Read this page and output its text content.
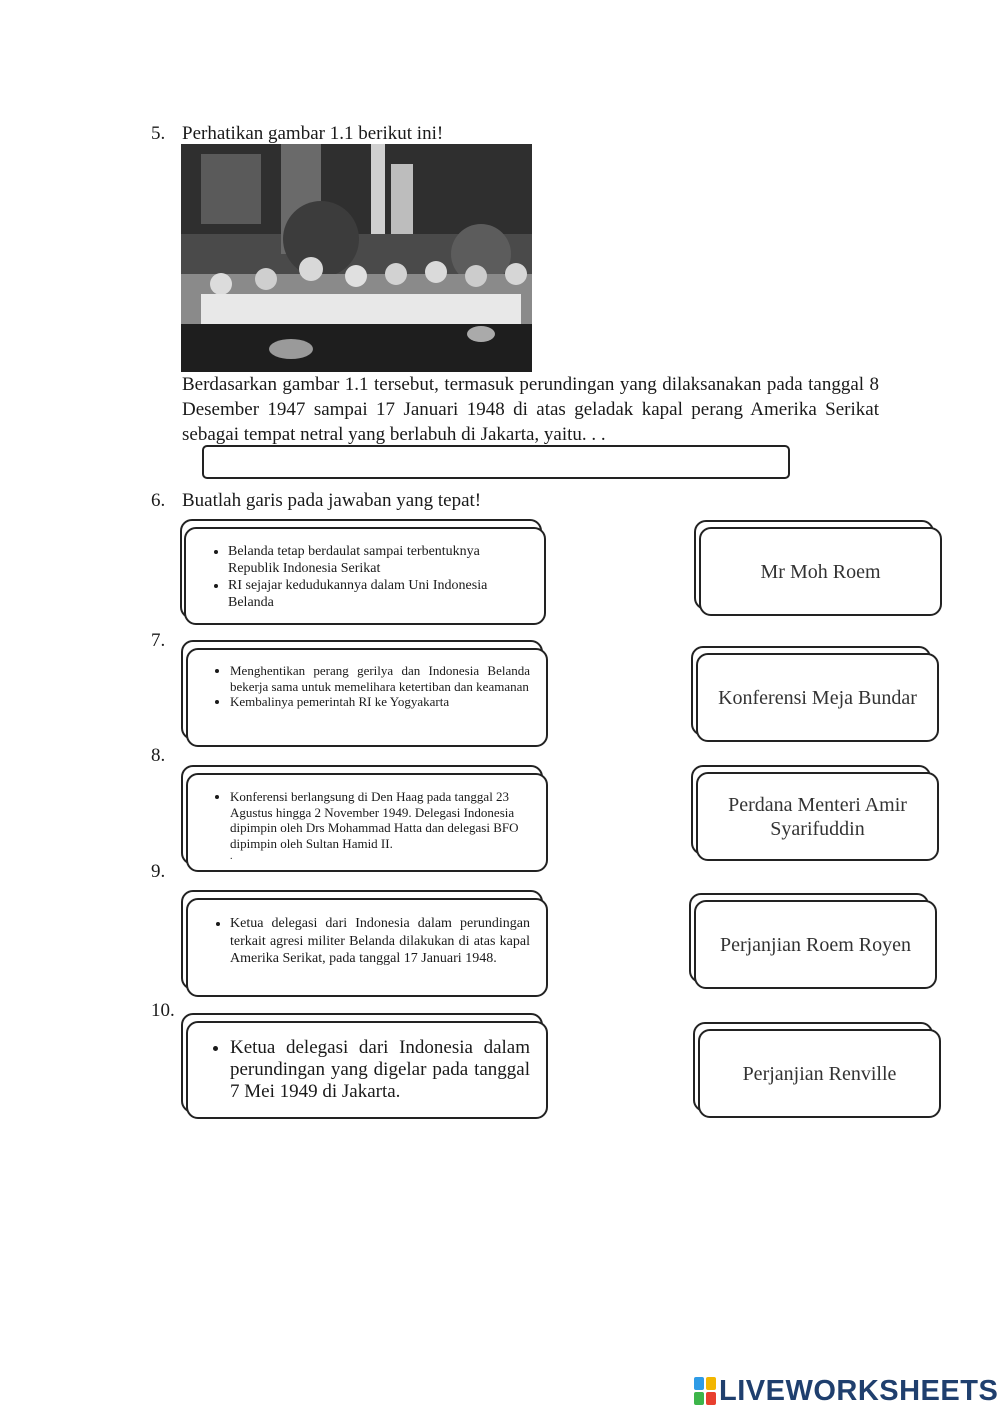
5. Perhatikan gambar 1.1 berikut ini!
Berdasarkan gambar 1.1 tersebut, termasuk perundingan yang dilaksanakan pada tanggal 8 Desember 1947 sampai 17 Januari 1948 di atas geladak kapal perang Amerika Serikat sebagai tempat netral yang berlabuh di Jakarta, yaitu. . .
6. Buatlah garis pada jawaban yang tepat!
7.
8.
9.
10.
• Belanda tetap berdaulat sampai terbentuknya Republik Indonesia Serikat
• RI sejajar kedudukannya dalam Uni Indonesia Belanda
• Menghentikan perang gerilya dan Indonesia Belanda bekerja sama untuk memelihara ketertiban dan keamanan
• Kembalinya pemerintah RI ke Yogyakarta
• Konferensi berlangsung di Den Haag pada tanggal 23 Agustus hingga 2 November 1949. Delegasi Indonesia dipimpin oleh Drs Mohammad Hatta dan delegasi BFO dipimpin oleh Sultan Hamid II.
.
• Ketua delegasi dari Indonesia dalam perundingan terkait agresi militer Belanda dilakukan di atas kapal Amerika Serikat, pada tanggal 17 Januari 1948.
• Ketua delegasi dari Indonesia dalam perundingan yang digelar pada tanggal 7 Mei 1949 di Jakarta.
Mr Moh Roem
Konferensi Meja Bundar
Perdana Menteri Amir Syarifuddin
Perjanjian Roem Royen
Perjanjian Renville
LIVEWORKSHEETS
